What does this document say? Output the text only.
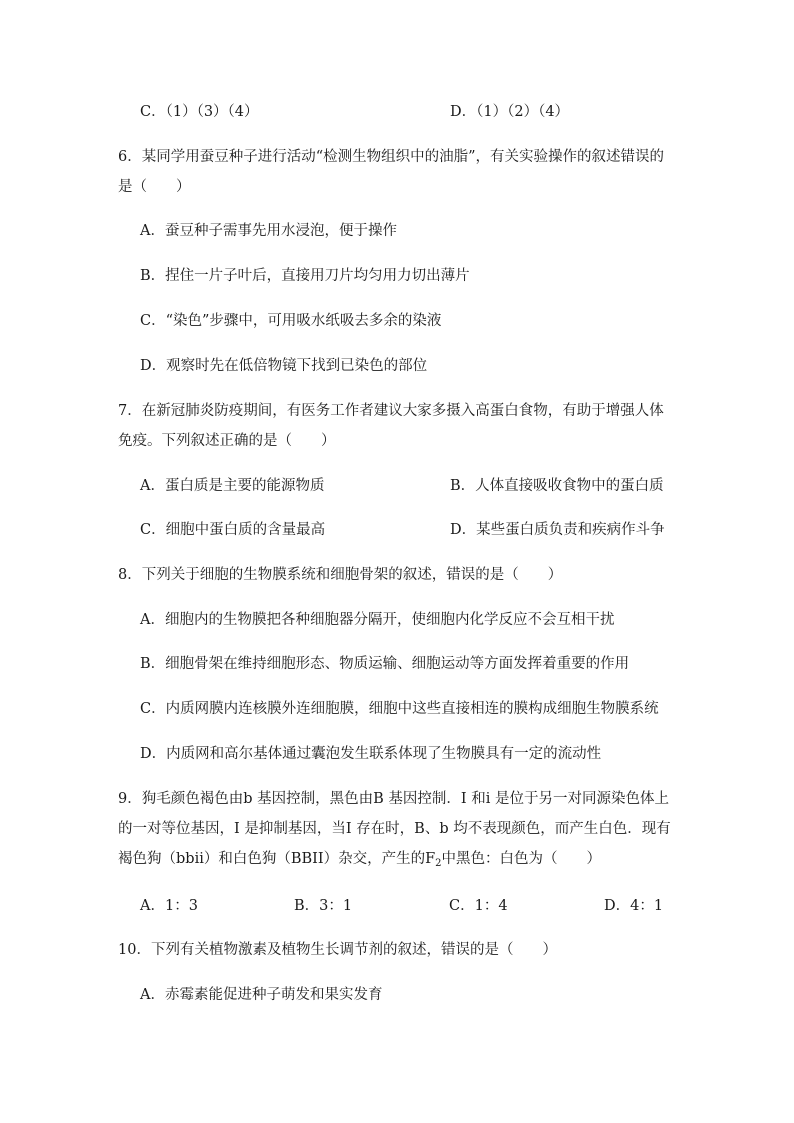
C．（1）（3）（4）	D．（1）（2）（4）
6．某同学用蚕豆种子进行活动“检测生物组织中的油脂”，有关实验操作的叙述错误的
是（　　）
A．蚕豆种子需事先用水浸泡，便于操作
B．捏住一片子叶后，直接用刀片均匀用力切出薄片
C．“染色”步骤中，可用吸水纸吸去多余的染液
D．观察时先在低倍物镜下找到已染色的部位
7．在新冠肺炎防疫期间，有医务工作者建议大家多摄入高蛋白食物，有助于增强人体
免疫。下列叙述正确的是（　　）
A．蛋白质是主要的能源物质	B．人体直接吸收食物中的蛋白质
C．细胞中蛋白质的含量最高	D．某些蛋白质负责和疾病作斗争
8．下列关于细胞的生物膜系统和细胞骨架的叙述，错误的是（　　）
A．细胞内的生物膜把各种细胞器分隔开，使细胞内化学反应不会互相干扰
B．细胞骨架在维持细胞形态、物质运输、细胞运动等方面发挥着重要的作用
C．内质网膜内连核膜外连细胞膜，细胞中这些直接相连的膜构成细胞生物膜系统
D．内质网和高尔基体通过囊泡发生联系体现了生物膜具有一定的流动性
9．狗毛颜色褐色由b 基因控制，黑色由B 基因控制．I 和i 是位于另一对同源染色体上
的一对等位基因，I 是抑制基因，当I 存在时，B、b 均不表现颜色，而产生白色．现有
褐色狗（bbii）和白色狗（BBII）杂交，产生的$F_2$中黑色：白色为（　　）
A．1：3	B．3：1	C．1：4	D．4：1
10．下列有关植物激素及植物生长调节剂的叙述，错误的是（　　）
A．赤霉素能促进种子萌发和果实发育
